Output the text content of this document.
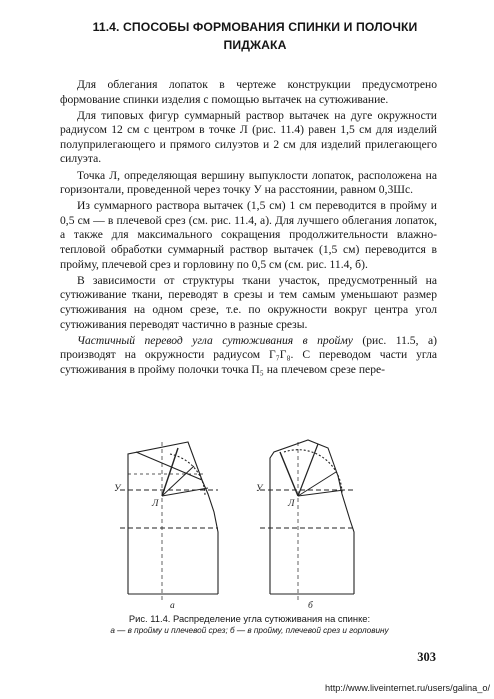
11.4. СПОСОБЫ ФОРМОВАНИЯ СПИНКИ И ПОЛОЧКИ
ПИДЖАКА

Для облегания лопаток в чертеже конструкции предусмотрено формование спинки изделия с помощью вытачек на сутюживание.

Для типовых фигур суммарный раствор вытачек на дуге окружности радиусом 12 см с центром в точке Л (рис. 11.4) равен 1,5 см для изделий полуприлегающего и прямого силуэтов и 2 см для изделий прилегающего силуэта.

Точка Л, определяющая вершину выпуклости лопаток, расположена на горизонтали, проведенной через точку У на расстоянии, равном 0,3Шс.

Из суммарного раствора вытачек (1,5 см) 1 см переводится в пройму и 0,5 см — в плечевой срез (см. рис. 11.4, а). Для лучшего облегания лопаток, а также для максимального сокращения продолжительности влажно-тепловой обработки суммарный раствор вытачек (1,5 см) переводится в пройму, плечевой срез и горловину по 0,5 см (см. рис. 11.4, б).

В зависимости от структуры ткани участок, предусмотренный на сутюживание ткани, переводят в срезы и тем самым уменьшают размер сутюживания на одном срезе, т.е. по окружности вокруг центра угол сутюживания переводят частично в разные срезы.

Частичный перевод угла сутюживания в пройму (рис. 11.5, а) производят на окружности радиусом Г₇Г₈. С переводом части угла сутюживания в пройму полочки точка П₅ на плечевом срезе пере-

У
Л
а
У
Л
б
Рис. 11.4. Распределение угла сутюживания на спинке:
а — в пройму и плечевой срез; б — в пройму, плечевой срез и горловину
303
http://www.liveinternet.ru/users/galina_o/
